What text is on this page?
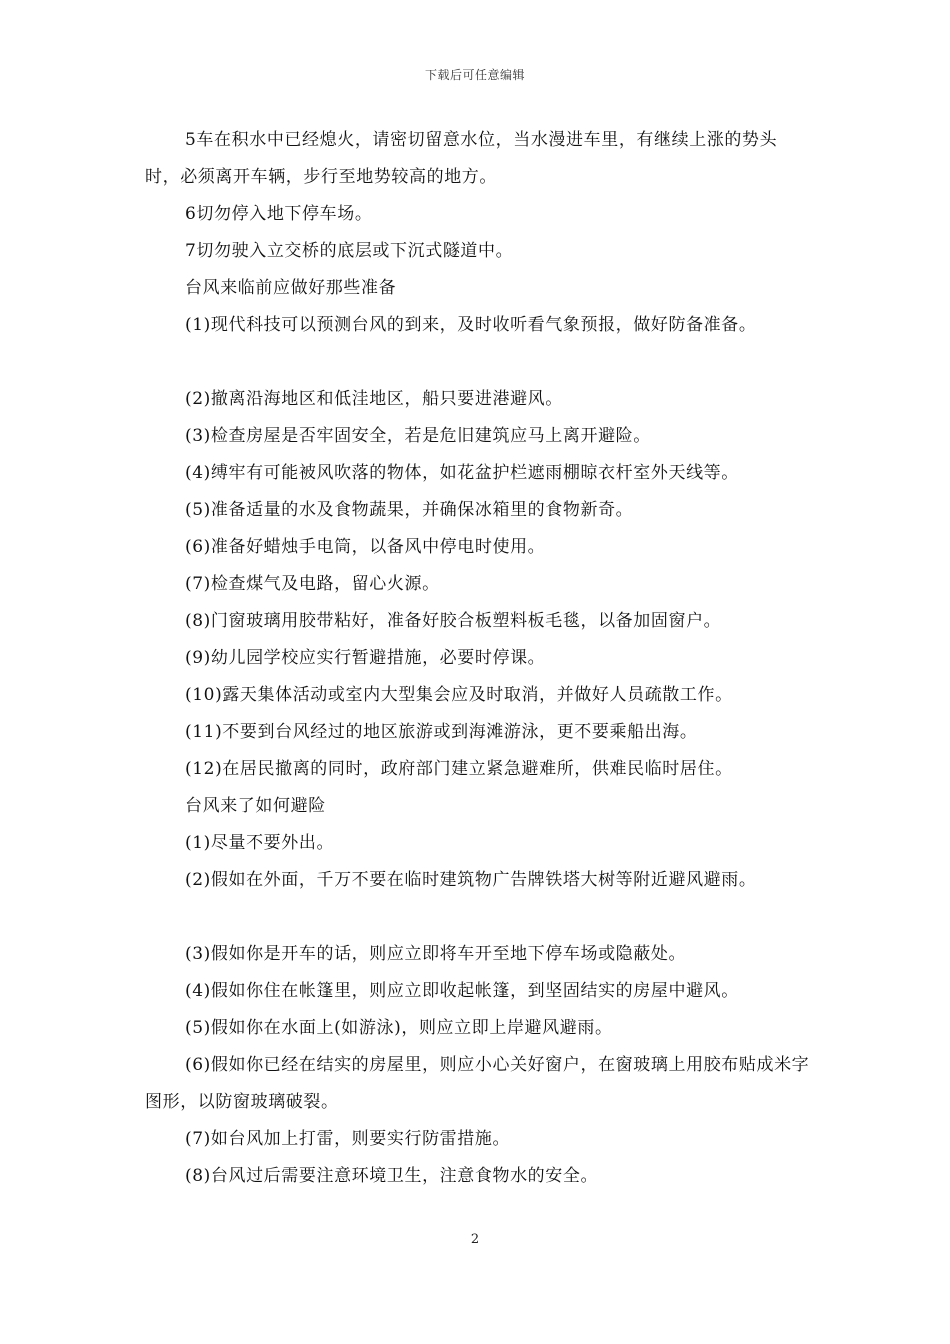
下载后可任意编辑

5车在积水中已经熄火，请密切留意水位，当水漫进车里，有继续上涨的势头时，必须离开车辆，步行至地势较高的地方。

6切勿停入地下停车场。

7切勿驶入立交桥的底层或下沉式隧道中。

台风来临前应做好那些准备

(1)现代科技可以预测台风的到来，及时收听看气象预报，做好防备准备。

(2)撤离沿海地区和低洼地区，船只要进港避风。

(3)检查房屋是否牢固安全，若是危旧建筑应马上离开避险。

(4)缚牢有可能被风吹落的物体，如花盆护栏遮雨棚晾衣杆室外天线等。

(5)准备适量的水及食物蔬果，并确保冰箱里的食物新奇。

(6)准备好蜡烛手电筒，以备风中停电时使用。

(7)检查煤气及电路，留心火源。

(8)门窗玻璃用胶带粘好，准备好胶合板塑料板毛毯，以备加固窗户。

(9)幼儿园学校应实行暂避措施，必要时停课。

(10)露天集体活动或室内大型集会应及时取消，并做好人员疏散工作。

(11)不要到台风经过的地区旅游或到海滩游泳，更不要乘船出海。

(12)在居民撤离的同时，政府部门建立紧急避难所，供难民临时居住。

台风来了如何避险

(1)尽量不要外出。

(2)假如在外面，千万不要在临时建筑物广告牌铁塔大树等附近避风避雨。

(3)假如你是开车的话，则应立即将车开至地下停车场或隐蔽处。

(4)假如你住在帐篷里，则应立即收起帐篷，到坚固结实的房屋中避风。

(5)假如你在水面上(如游泳)，则应立即上岸避风避雨。

(6)假如你已经在结实的房屋里，则应小心关好窗户，在窗玻璃上用胶布贴成米字图形，以防窗玻璃破裂。

(7)如台风加上打雷，则要实行防雷措施。

(8)台风过后需要注意环境卫生，注意食物水的安全。

2
